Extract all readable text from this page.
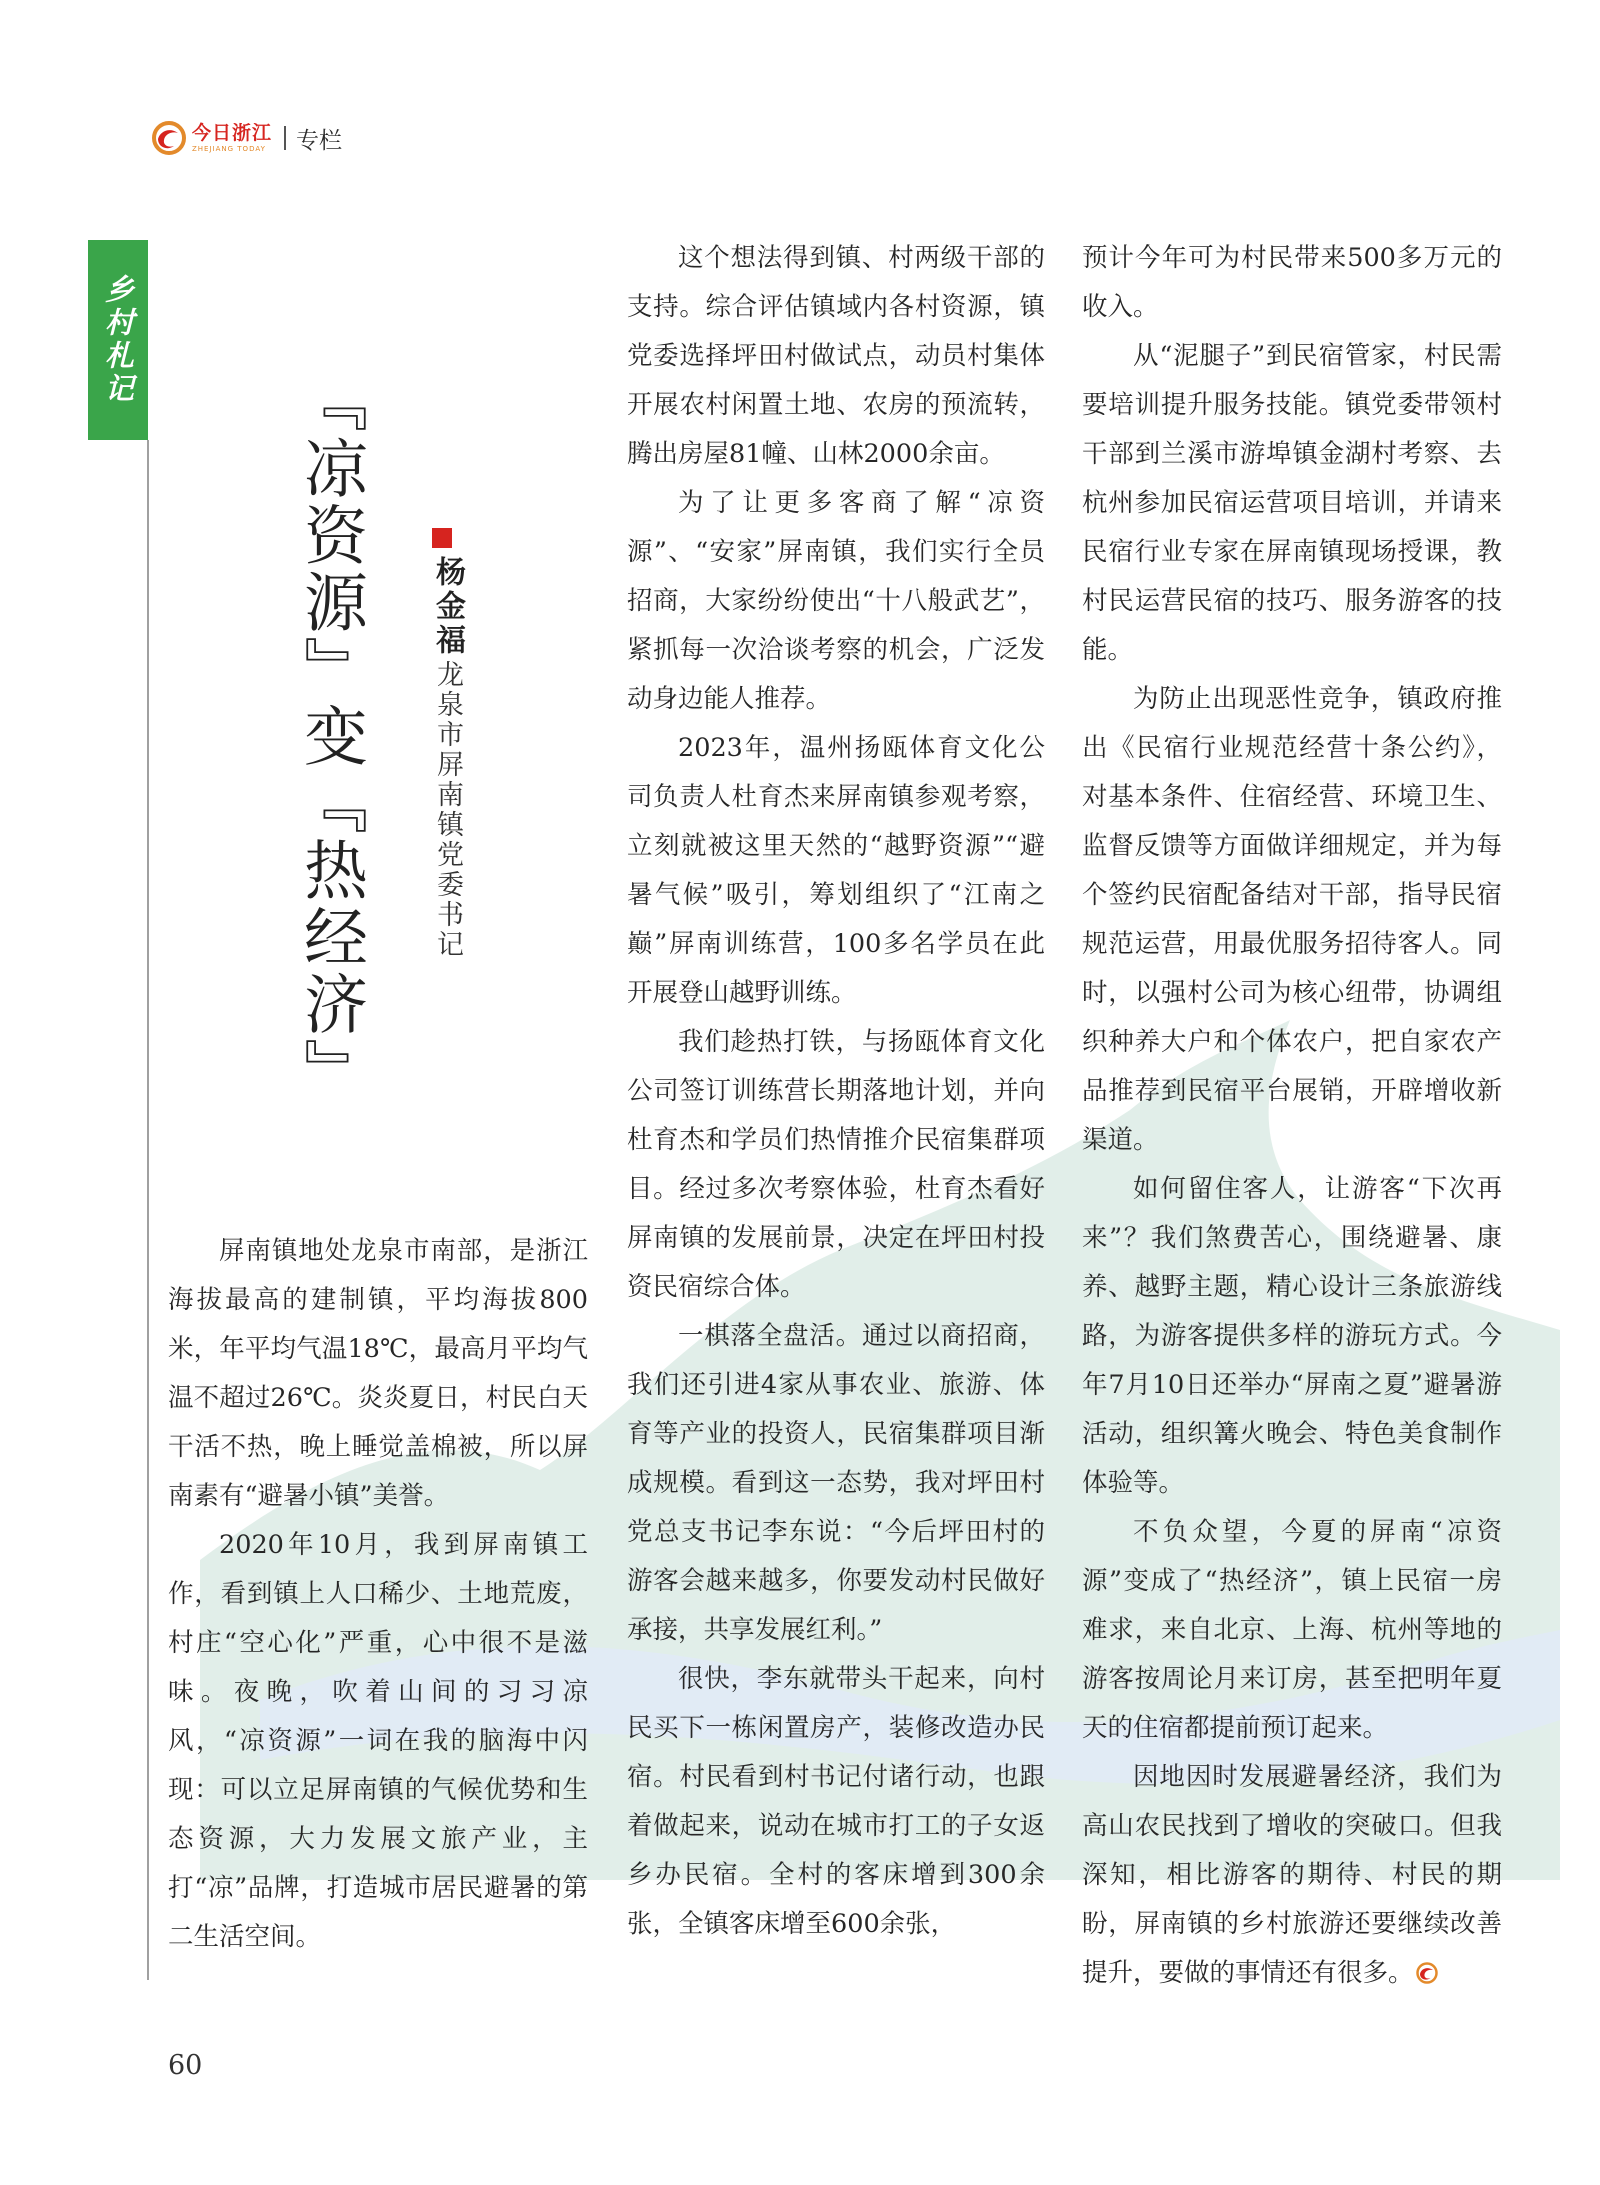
今日浙江
ZHEJIANG TODAY 专栏
乡村札记
『凉资源』变『热经济』 杨金福
龙泉市屏南镇党委书记

屏南镇地处龙泉市南部，是浙江海拔最高的建制镇，平均海拔800米，年平均气温18℃，最高月平均气温不超过26℃。炎炎夏日，村民白天干活不热，晚上睡觉盖棉被，所以屏南素有“避暑小镇”美誉。

2020年10月，我到屏南镇工作，看到镇上人口稀少、土地荒废，村庄“空心化”严重，心中很不是滋味。夜晚，吹着山间的习习凉风，“凉资源”一词在我的脑海中闪现：可以立足屏南镇的气候优势和生态资源，大力发展文旅产业，主打“凉”品牌，打造城市居民避暑的第二生活空间。

这个想法得到镇、村两级干部的支持。综合评估镇域内各村资源，镇党委选择坪田村做试点，动员村集体开展农村闲置土地、农房的预流转，腾出房屋81幢、山林2000余亩。

为了让更多客商了解“凉资源”、“安家”屏南镇，我们实行全员招商，大家纷纷使出“十八般武艺”，紧抓每一次洽谈考察的机会，广泛发动身边能人推荐。

2023年，温州扬瓯体育文化公司负责人杜育杰来屏南镇参观考察，立刻就被这里天然的“越野资源”“避暑气候”吸引，筹划组织了“江南之巅”屏南训练营，100多名学员在此开展登山越野训练。

我们趁热打铁，与扬瓯体育文化公司签订训练营长期落地计划，并向杜育杰和学员们热情推介民宿集群项目。经过多次考察体验，杜育杰看好屏南镇的发展前景，决定在坪田村投资民宿综合体。

一棋落全盘活。通过以商招商，我们还引进4家从事农业、旅游、体育等产业的投资人，民宿集群项目渐成规模。看到这一态势，我对坪田村党总支书记李东说：“今后坪田村的游客会越来越多，你要发动村民做好承接，共享发展红利。”

很快，李东就带头干起来，向村民买下一栋闲置房产，装修改造办民宿。村民看到村书记付诸行动，也跟着做起来，说动在城市打工的子女返乡办民宿。全村的客床增到300余张，全镇客床增至600余张，

预计今年可为村民带来500多万元的收入。

从“泥腿子”到民宿管家，村民需要培训提升服务技能。镇党委带领村干部到兰溪市游埠镇金湖村考察、去杭州参加民宿运营项目培训，并请来民宿行业专家在屏南镇现场授课，教村民运营民宿的技巧、服务游客的技能。

为防止出现恶性竞争，镇政府推出《民宿行业规范经营十条公约》，对基本条件、住宿经营、环境卫生、监督反馈等方面做详细规定，并为每个签约民宿配备结对干部，指导民宿规范运营，用最优服务招待客人。同时，以强村公司为核心纽带，协调组织种养大户和个体农户，把自家农产品推荐到民宿平台展销，开辟增收新渠道。

如何留住客人，让游客“下次再来”？我们煞费苦心，围绕避暑、康养、越野主题，精心设计三条旅游线路，为游客提供多样的游玩方式。今年7月10日还举办“屏南之夏”避暑游活动，组织篝火晚会、特色美食制作体验等。

不负众望，今夏的屏南“凉资源”变成了“热经济”，镇上民宿一房难求，来自北京、上海、杭州等地的游客按周论月来订房，甚至把明年夏天的住宿都提前预订起来。

因地因时发展避暑经济，我们为高山农民找到了增收的突破口。但我深知，相比游客的期待、村民的期盼，屏南镇的乡村旅游还要继续改善提升，要做的事情还有很多。

60
